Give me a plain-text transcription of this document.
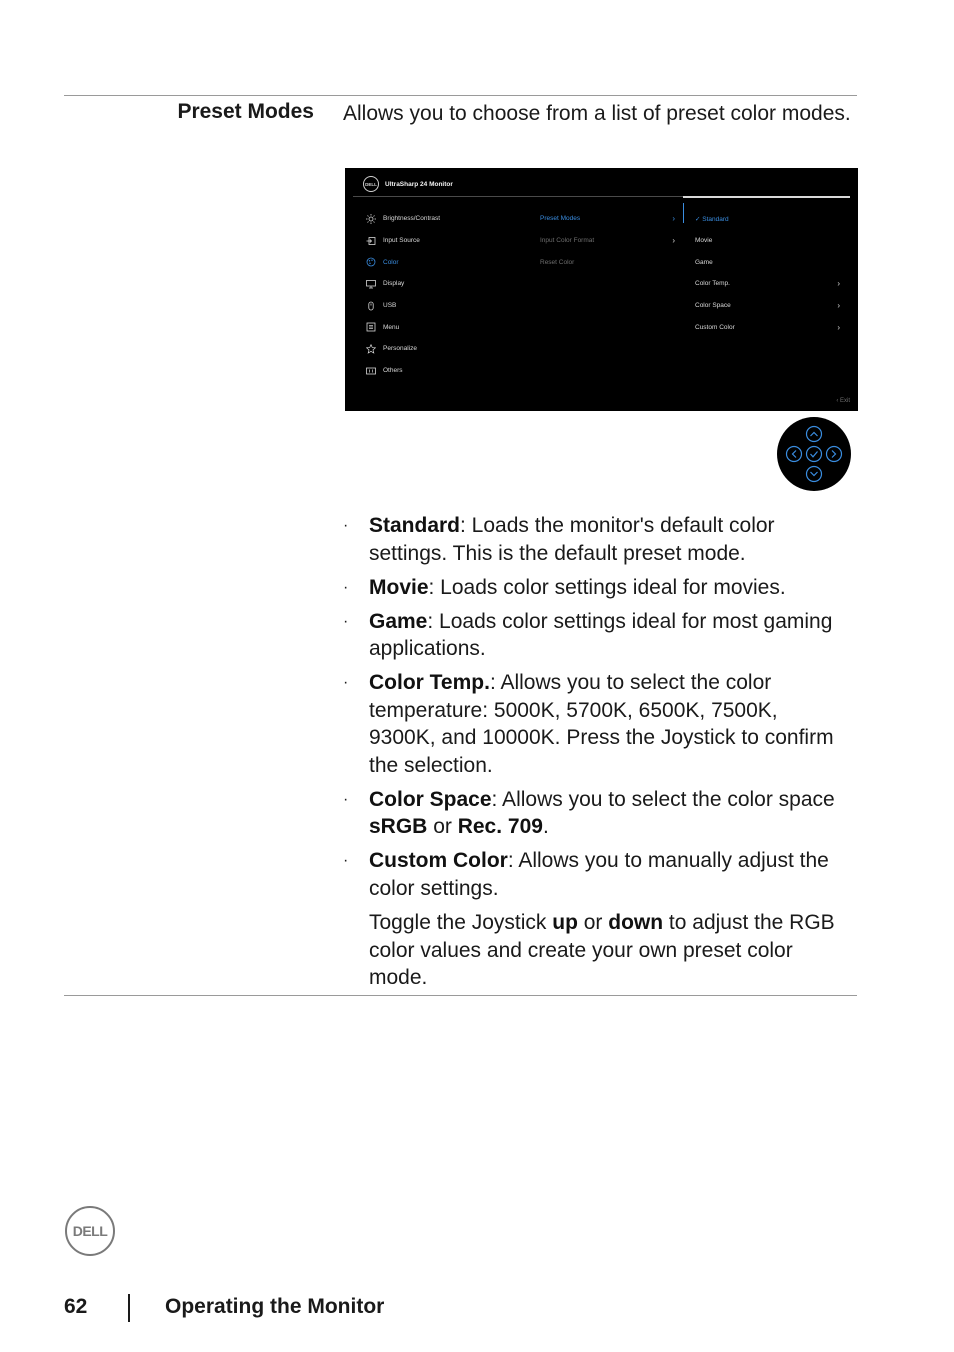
Preset Modes Allows you to choose from a list of preset color modes.
DELL	UltraSharp 24 Monitor
Brightness/Contrast
Input Source
Color
Display
USB
Menu
Personalize
Others
Preset Modes	›
Input Color Format	›
Reset Color
✓ Standard
Movie
Game
Color Temp.	›
Color Space	›
Custom Color	›
‹ Exit
· Standard: Loads the monitor's default color settings. This is the default preset mode.
· Movie: Loads color settings ideal for movies.
· Game: Loads color settings ideal for most gaming applications.
· Color Temp.: Allows you to select the color temperature: 5000K, 5700K, 6500K, 7500K, 9300K, and 10000K. Press the Joystick to confirm the selection.
· Color Space: Allows you to select the color space sRGB or Rec. 709.
· Custom Color: Allows you to manually adjust the color settings.

Toggle the Joystick up or down to adjust the RGB color values and create your own preset color mode.

DELL
62	Operating the Monitor
